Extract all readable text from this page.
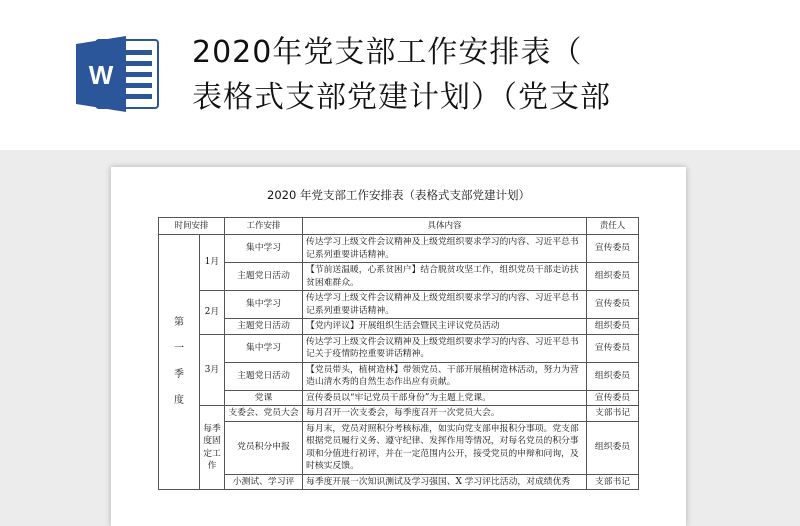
W
2020年党支部工作安排表（
表格式支部党建计划）（党支部
2020 年党支部工作安排表（表格式支部党建计划）
时间安排		工作安排	具体内容	责任人

第
一
季
度	1月	集中学习	传达学习上级文件会议精神及上级党组织要求学习的内容、习近平总书记系列重要讲话精神。	宣传委员
		主题党日活动	【节前送温暖，心系贫困户】结合脱贫攻坚工作，组织党员干部走访扶贫困难群众。	组织委员
	2月	集中学习	传达学习上级文件会议精神及上级党组织要求学习的内容、习近平总书记系列重要讲话精神。	宣传委员
		主题党日活动	【党内评议】开展组织生活会暨民主评议党员活动	组织委员
	3月	集中学习	传达学习上级文件会议精神及上级党组织要求学习的内容、习近平总书记关于疫情防控重要讲话精神。	宣传委员
		主题党日活动	【党员带头，植树造林】带领党员、干部开展植树造林活动，努力为营造山清水秀的自然生态作出应有贡献。	组织委员
		党课	宣传委员以“牢记党员干部身份”为主题上党课。	宣传委员
	每季度固定工作	支委会、党员大会	每月召开一次支委会，每季度召开一次党员大会。	支部书记
		党员积分申报	每月末，党员对照积分考核标准，如实向党支部申报积分事项。党支部根据党员履行义务、遵守纪律、发挥作用等情况，对每名党员的积分事项和分值进行初评，并在一定范围内公开，接受党员的申辩和问询，及时核实反馈。	组织委员
		小测试、学习评	每季度开展一次知识测试及学习强国、X 学习评比活动，对成绩优秀	支部书记
